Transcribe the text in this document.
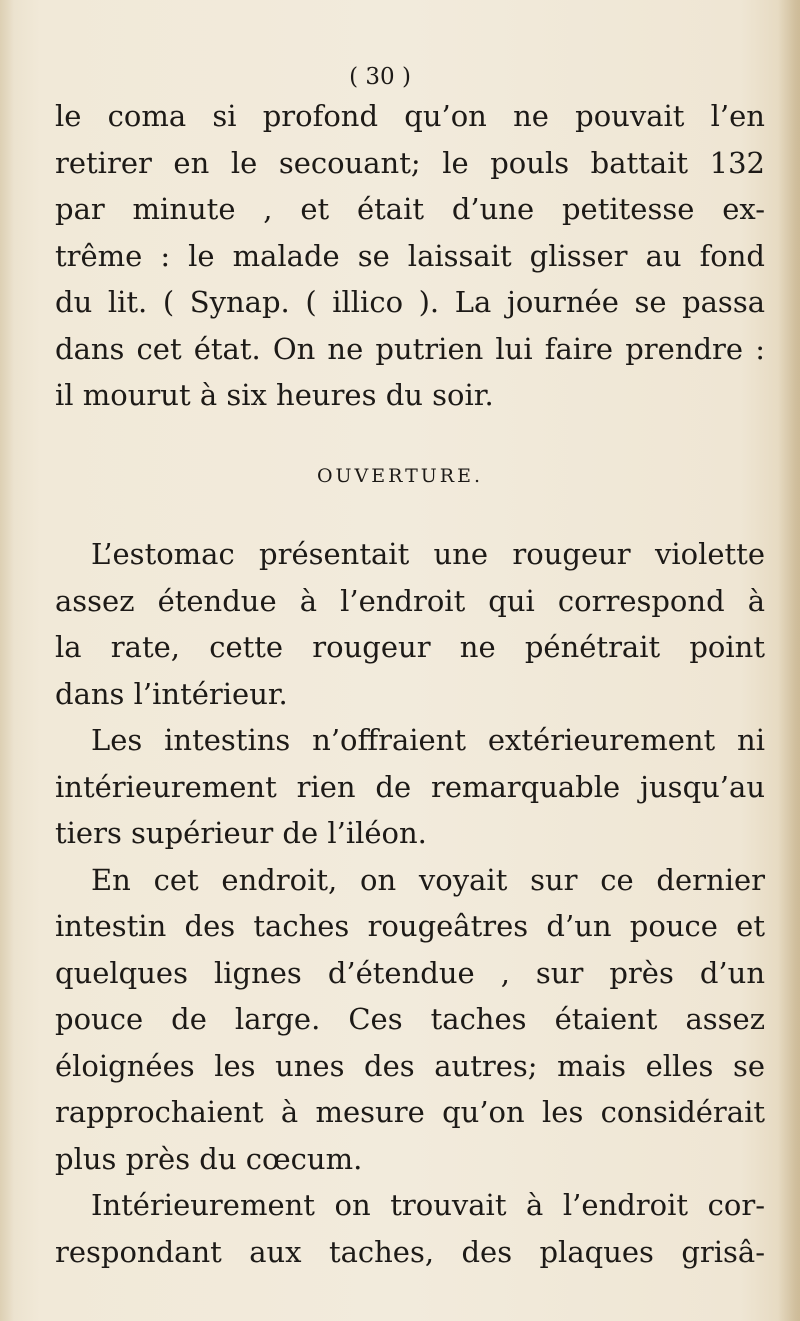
( 30 )
le coma si profond qu’on ne pouvait l’en
retirer en le secouant; le pouls battait 132
par minute , et était d’une petitesse ex-
trême : le malade se laissait glisser au fond
du lit. ( Synap. ( illico ). La journée se passa
dans cet état. On ne putrien lui faire prendre :
il mourut à six heures du soir.
OUVERTURE.
L’estomac présentait une rougeur violette
assez étendue à l’endroit qui correspond à
la rate, cette rougeur ne pénétrait point
dans l’intérieur.
Les intestins n’offraient extérieurement ni
intérieurement rien de remarquable jusqu’au
tiers supérieur de l’iléon.
En cet endroit, on voyait sur ce dernier
intestin des taches rougeâtres d’un pouce et
quelques lignes d’étendue , sur près d’un
pouce de large. Ces taches étaient assez
éloignées les unes des autres; mais elles se
rapprochaient à mesure qu’on les considérait
plus près du cœcum.
Intérieurement on trouvait à l’endroit cor-
respondant aux taches, des plaques grisâ-
